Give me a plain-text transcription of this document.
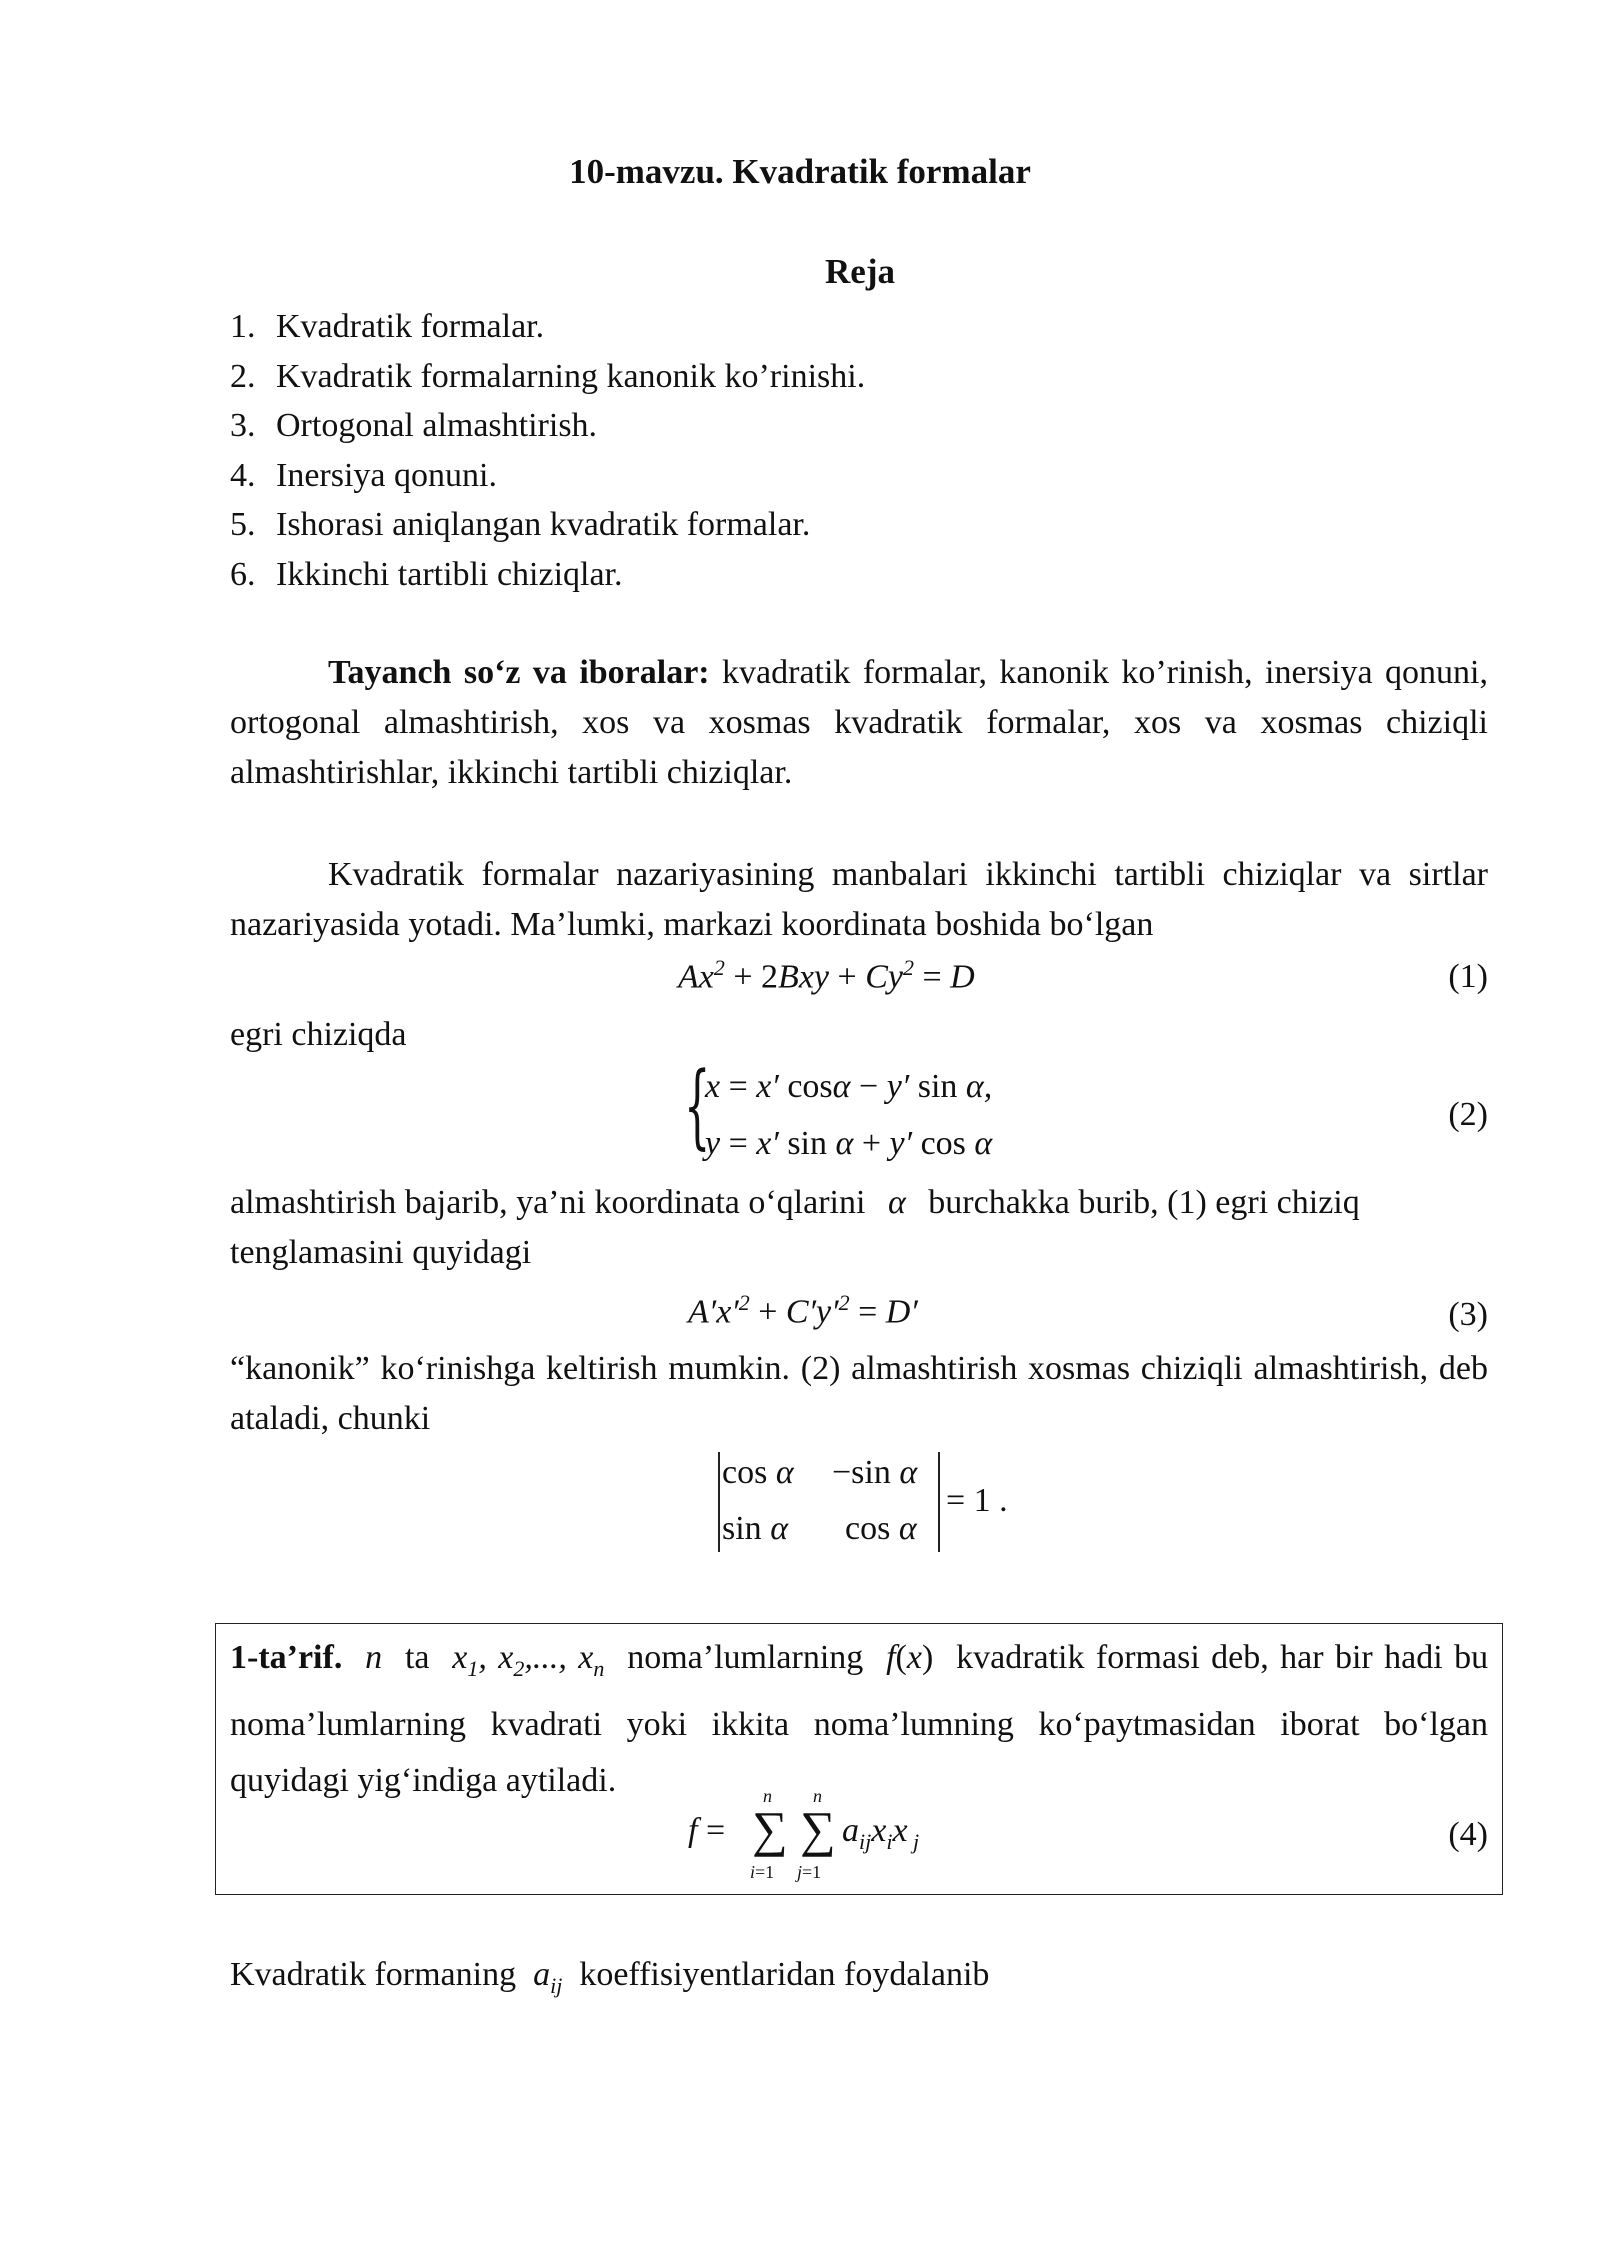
10-mavzu. Kvadratik formalar
Reja
1. Kvadratik formalar.
2. Kvadratik formalarning kanonik ko’rinishi.
3. Ortogonal almashtirish.
4. Inersiya qonuni.
5. Ishorasi aniqlangan kvadratik formalar.
6. Ikkinchi tartibli chiziqlar.
Tayanch so‘z va iboralar: kvadratik formalar, kanonik ko’rinish, inersiya qonuni, ortogonal almashtirish, xos va xosmas kvadratik formalar, xos va xosmas chiziqli almashtirishlar, ikkinchi tartibli chiziqlar.
Kvadratik formalar nazariyasining manbalari ikkinchi tartibli chiziqlar va sirtlar nazariyasida yotadi. Ma’lumki, markazi koordinata boshida bo‘lgan
$Ax^2 + 2Bxy + Cy^2 = D$	(1)
egri chiziqda
{
x = x′ cosα − y′ sin α,
y = x′ sin α + y′ cos α
(2)
almashtirish bajarib, ya’ni koordinata o‘qlarini α burchakka burib, (1) egri chiziq
tenglamasini quyidagi
$A'x'^2 + C'y'^2 = D'$	(3)
“kanonik” ko‘rinishga keltirish mumkin. (2) almashtirish xosmas chiziqli almashtirish, deb ataladi, chunki
cos α −sin α
sin α cos α
= 1 .
1-ta’rif.  n  ta  $x_1$, $x_2$,..., $x_n$ noma’lumlarning  f(x) kvadratik formasi deb, har bir hadi bu noma’lumlarning kvadrati yoki ikkita noma’lumning ko‘paytmasidan iborat bo‘lgan quyidagi yig‘indiga aytiladi.
f =
n
∑
i=1
n
∑
j=1
$a_{ij}x_ix$ $_j$	(4)
Kvadratik formaning  $a_{ij}$ koeffisiyentlaridan foydalanib
